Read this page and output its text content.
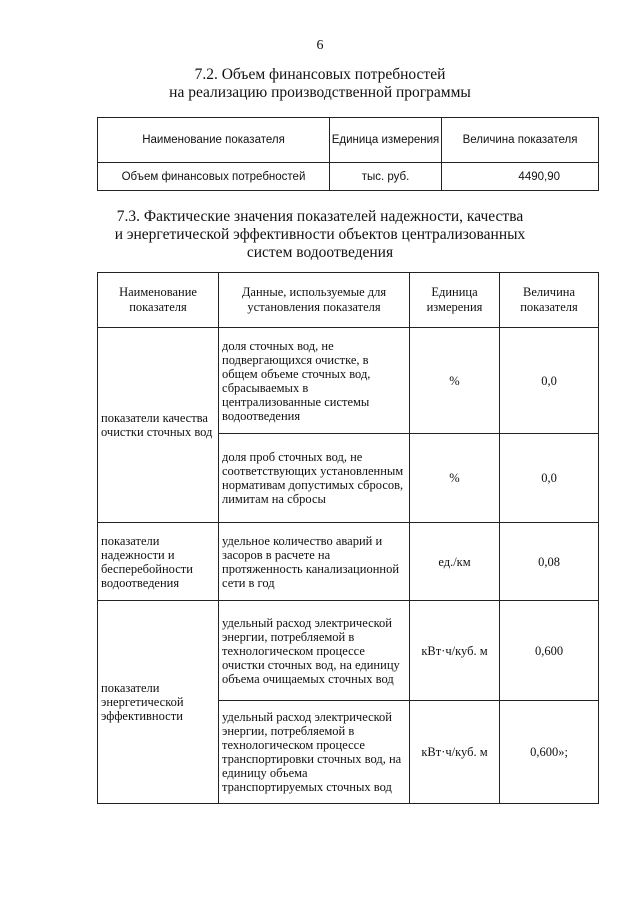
6
7.2. Объем финансовых потребностей
на реализацию производственной программы
Наименование показателя	Единица измерения	Величина показателя
Объем финансовых потребностей	тыс. руб.	4490,90
7.3. Фактические значения показателей надежности, качества
и энергетической эффективности объектов централизованных
систем водоотведения
Наименование показателя	Данные, используемые для установления показателя	Единица измерения	Величина показателя
показатели качества очистки сточных вод	доля сточных вод, не подвергающихся очистке, в общем объеме сточных вод, сбрасываемых в централизованные системы водоотведения	%	0,0
	доля проб сточных вод, не соответствующих установленным нормативам допустимых сбросов, лимитам на сбросы	%	0,0
показатели надежности и бесперебойности водоотведения	удельное количество аварий и засоров в расчете на протяженность канализационной сети в год	ед./км	0,08
показатели энергетической эффективности	удельный расход электрической энергии, потребляемой в технологическом процессе очистки сточных вод, на единицу объема очищаемых сточных вод	кВт·ч/куб. м	0,600
	удельный расход электрической энергии, потребляемой в технологическом процессе транспортировки сточных вод, на единицу объема транспортируемых сточных вод	кВт·ч/куб. м	0,600»;
